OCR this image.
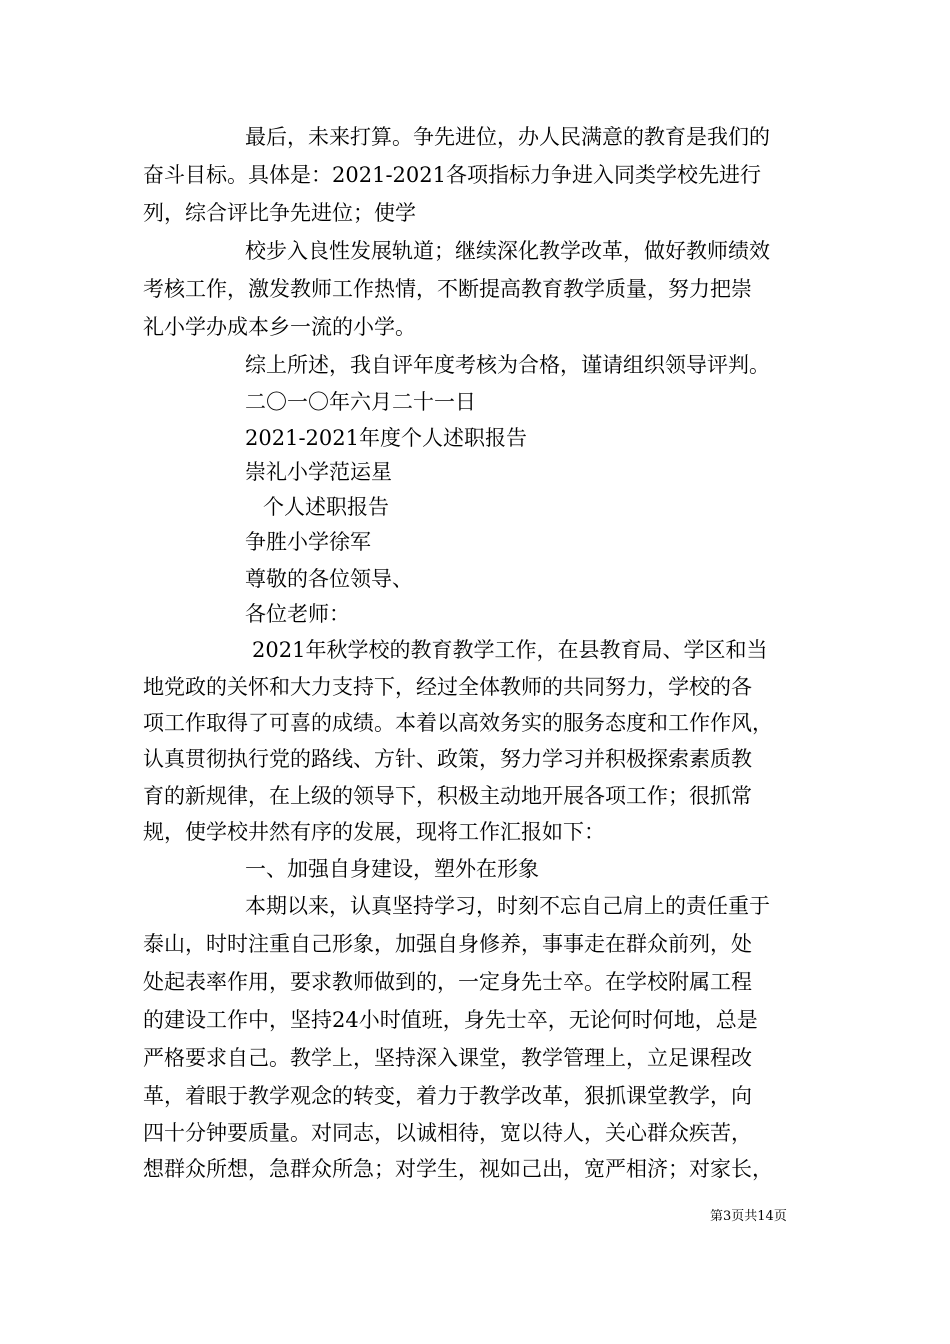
最后，未来打算。争先进位，办人民满意的教育是我们的
奋斗目标。具体是：2021-2021各项指标力争进入同类学校先进行
列，综合评比争先进位；使学
校步入良性发展轨道；继续深化教学改革，做好教师绩效
考核工作，激发教师工作热情，不断提高教育教学质量，努力把崇
礼小学办成本乡一流的小学。
综上所述，我自评年度考核为合格，谨请组织领导评判。
二〇一〇年六月二十一日
2021-2021年度个人述职报告
崇礼小学范运星
个人述职报告
争胜小学徐军
尊敬的各位领导、
各位老师：
2021年秋学校的教育教学工作，在县教育局、学区和当
地党政的关怀和大力支持下，经过全体教师的共同努力，学校的各
项工作取得了可喜的成绩。本着以高效务实的服务态度和工作作风，
认真贯彻执行党的路线、方针、政策，努力学习并积极探索素质教
育的新规律，在上级的领导下，积极主动地开展各项工作；很抓常
规，使学校井然有序的发展，现将工作汇报如下：
一、加强自身建设，塑外在形象
本期以来，认真坚持学习，时刻不忘自己肩上的责任重于
泰山，时时注重自己形象，加强自身修养，事事走在群众前列，处
处起表率作用，要求教师做到的，一定身先士卒。在学校附属工程
的建设工作中，坚持24小时值班，身先士卒，无论何时何地，总是
严格要求自己。教学上，坚持深入课堂，教学管理上，立足课程改
革，着眼于教学观念的转变，着力于教学改革，狠抓课堂教学，向
四十分钟要质量。对同志，以诚相待，宽以待人，关心群众疾苦，
想群众所想，急群众所急；对学生，视如己出，宽严相济；对家长，
第3页共14页
